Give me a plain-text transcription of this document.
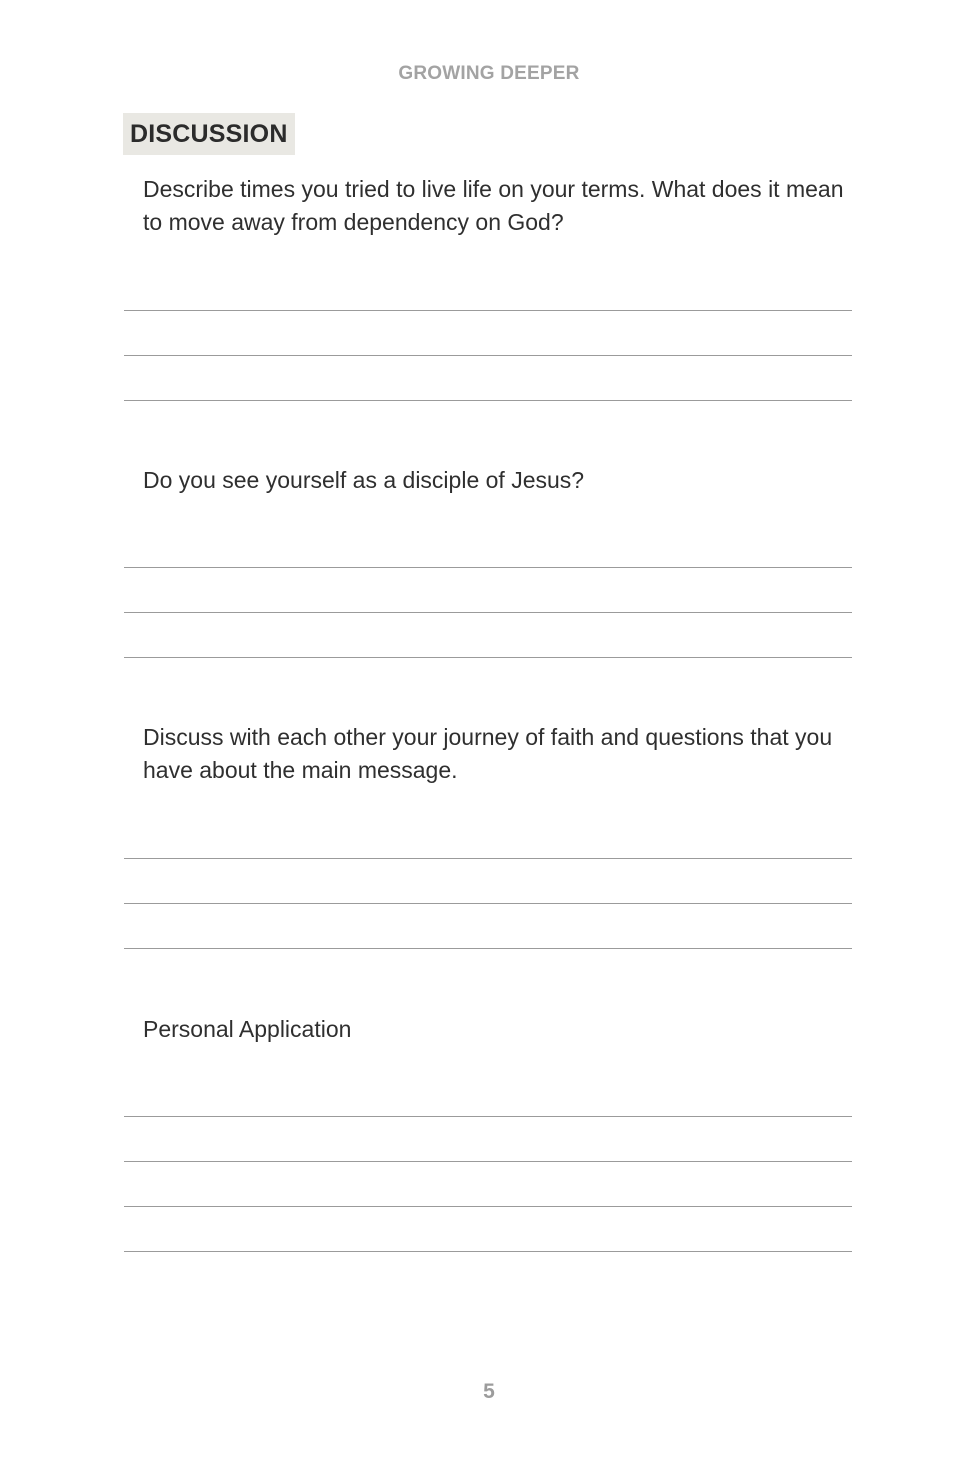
GROWING DEEPER
DISCUSSION

Describe times you tried to live life on your terms. What does it mean to move away from dependency on God?

Do you see yourself as a disciple of Jesus?

Discuss with each other your journey of faith and questions that you have about the main message.

Personal Application

5
